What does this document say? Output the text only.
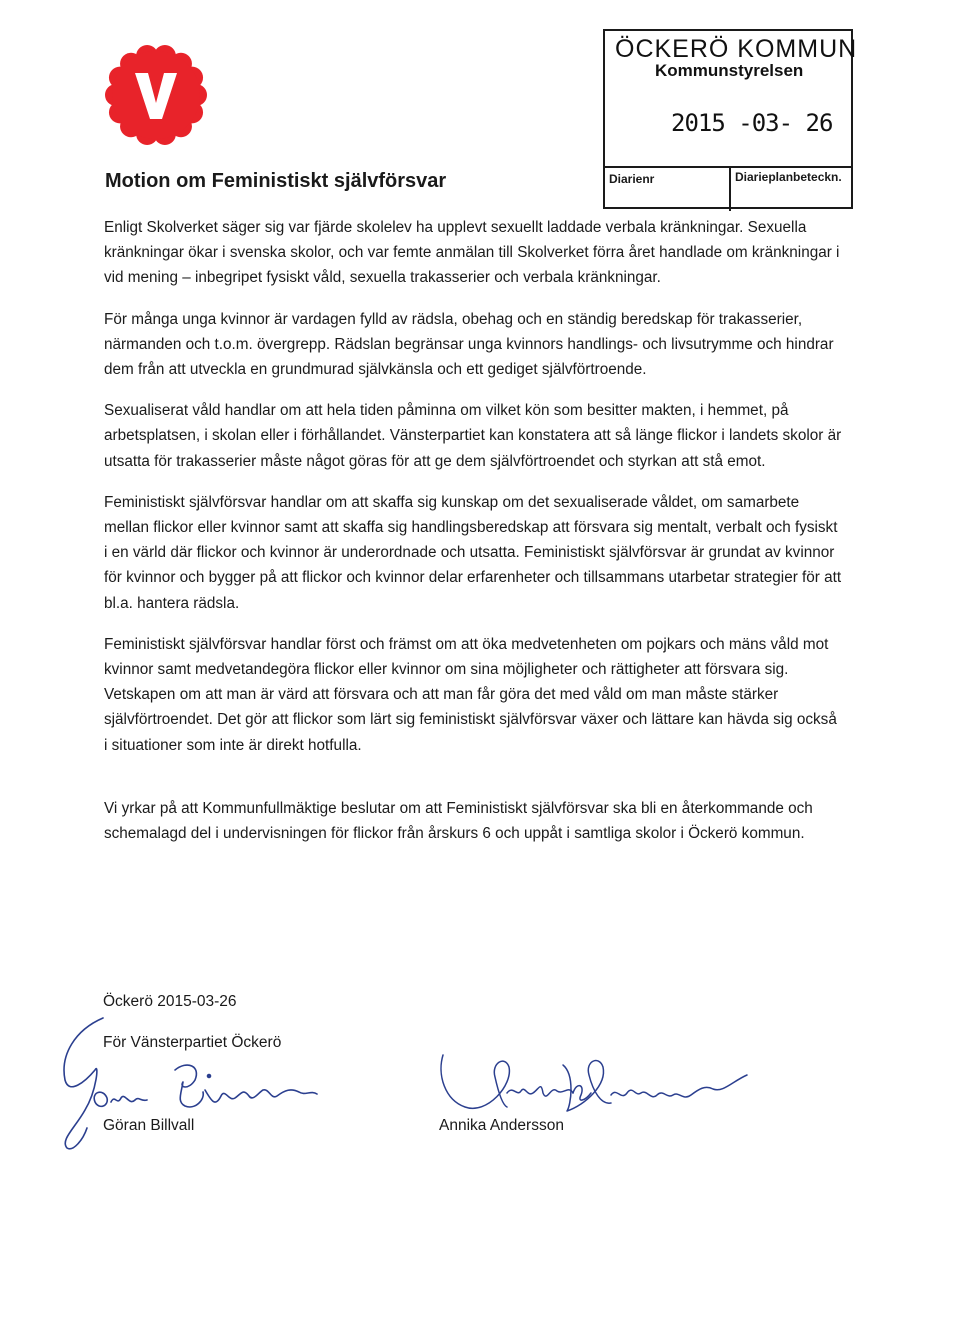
ÖCKERÖ KOMMUN
Kommunstyrelsen
2015 -03- 26
Diarienr	Diarieplanbeteckn.
Motion om Feministiskt självförsvar

Enligt Skolverket säger sig var fjärde skolelev ha upplevt sexuellt laddade verbala kränkningar. Sexuella kränkningar ökar i svenska skolor, och var femte anmälan till Skolverket förra året handlade om kränkningar i vid mening – inbegripet fysiskt våld, sexuella trakasserier och verbala kränkningar.

För många unga kvinnor är vardagen fylld av rädsla, obehag och en ständig beredskap för trakasserier, närmanden och t.o.m. övergrepp. Rädslan begränsar unga kvinnors handlings- och livsutrymme och hindrar dem från att utveckla en grundmurad självkänsla och ett gediget självförtroende.

Sexualiserat våld handlar om att hela tiden påminna om vilket kön som besitter makten, i hemmet, på arbetsplatsen, i skolan eller i förhållandet. Vänsterpartiet kan konstatera att så länge flickor i landets skolor är utsatta för trakasserier måste något göras för att ge dem självförtroendet och styrkan att stå emot.

Feministiskt självförsvar handlar om att skaffa sig kunskap om det sexualiserade våldet, om samarbete mellan flickor eller kvinnor samt att skaffa sig handlingsberedskap att försvara sig mentalt, verbalt och fysiskt i en värld där flickor och kvinnor är underordnade och utsatta. Feministiskt självförsvar är grundat av kvinnor för kvinnor och bygger på att flickor och kvinnor delar erfarenheter och tillsammans utarbetar strategier för att bl.a. hantera rädsla.

Feministiskt självförsvar handlar först och främst om att öka medvetenheten om pojkars och mäns våld mot kvinnor samt medvetandegöra flickor eller kvinnor om sina möjligheter och rättigheter att försvara sig. Vetskapen om att man är värd att försvara och att man får göra det med våld om man måste stärker självförtroendet. Det gör att flickor som lärt sig feministiskt självförsvar växer och lättare kan hävda sig också i situationer som inte är direkt hotfulla.

Vi yrkar på att Kommunfullmäktige beslutar om att Feministiskt självförsvar ska bli en återkommande och schemalagd del i undervisningen för flickor från årskurs 6 och uppåt i samtliga skolor i Öckerö kommun.

Öckerö 2015-03-26
För Vänsterpartiet Öckerö
Göran Billvall	Annika Andersson
